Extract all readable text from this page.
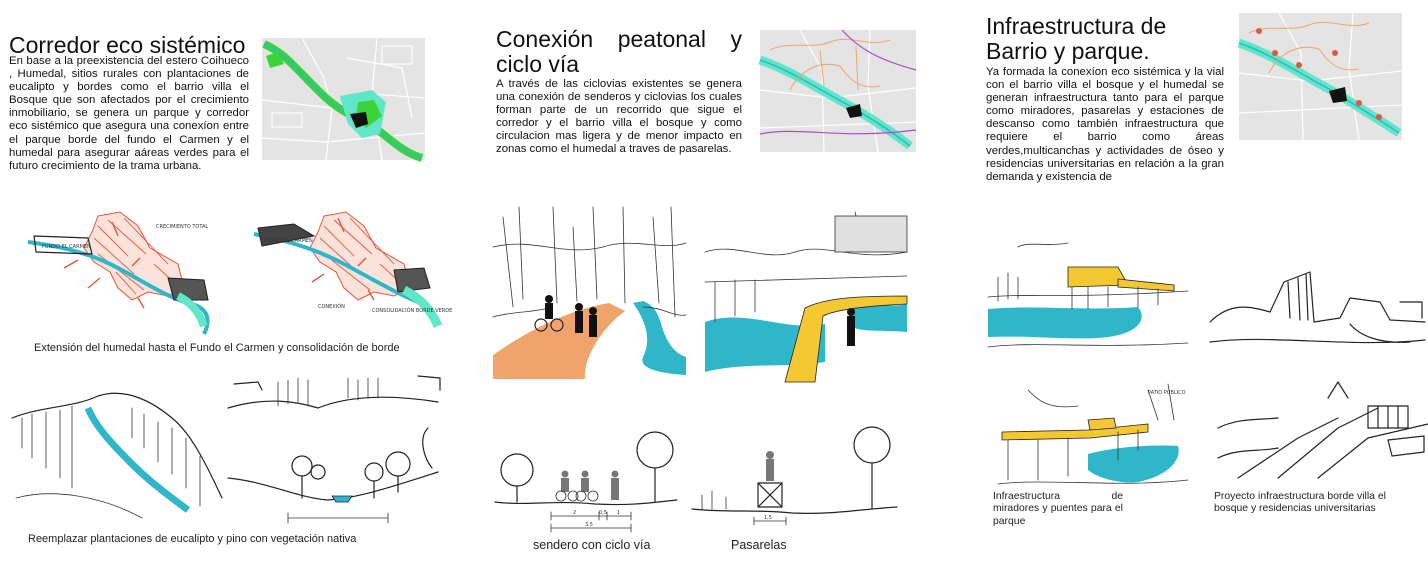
Corredor eco sistémico

En base a la preexistencia del estero Coihueco , Humedal, sitios rurales con plantaciones de eucalipto y bordes como el barrio villa el Bosque que son afectados por el crecimiento inmobiliario, se genera un parque y corredor eco sistémico que asegura una conexíon entre el parque borde del fundo el Carmen y el humedal para asegurar aáreas verdes para el futuro crecimiento de la trama urbana.

FUNDO EL CARMEN
CRECIMIENTO TOTAL
FUNDO EL CARMEN
CONEXIÓN
CONSOLIDACIÓN BORDE VERDE
Extensión del humedal hasta el Fundo el Carmen y consolidación de borde
Reemplazar plantaciones de eucalipto y pino con vegetación nativa
Conexión peatonal y ciclo vía

A través de las ciclovias existentes se genera una conexión de senderos y ciclovias los cuales forman parte de un recorrido que sigue el corredor y el barrio villa el bosque y como circulacion mas ligera y de menor impacto en zonas como el humedal a traves de pasarelas.

2	0,5 1
3,5
sendero con ciclo vía
1,5
Pasarelas
Infraestructura de Barrio y parque.

Ya formada la conexíon eco sistémica y la vial con el barrio villa el bosque y el humedal se generan infraestructura tanto para el parque como miradores, pasarelas y estaciones de descanso como también infraestructura que requiere el barrio como áreas verdes,multicanchas y actividades de óseo y residencias universitarias en relación a la gran demanda y existencia de

PATIO PUBLICO
Infraestructura de miradores y puentes para el parque
Proyecto infraestructura borde villa el bosque y residencias universitarias
